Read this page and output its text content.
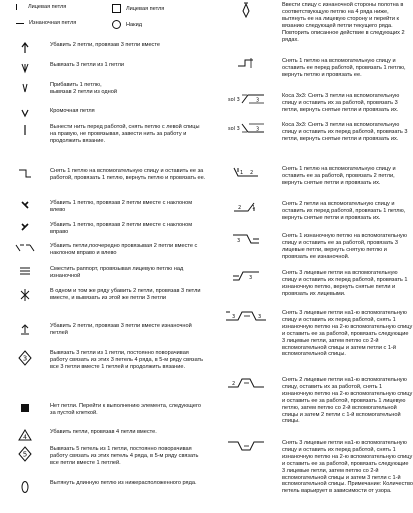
Лицевая петля	Лицевая петля
Изнаночная петля	Накид
Убавить 2 петли, провязав 3 петли вместе
Вывязать 3 петли из 1 петли
Прибавить 1 петлю,
вывязав 2 петли из одной
Кромочная петля
Вынести нить перед работой, снять петлю с левой спицы на правую, не провязывая, завести нить за работу и продолжить вязание.
Снять 1 петлю на вспомогательную спицу и оставить ее за работой, провязать 1 петлю, вернуть петлю и провязать ее.
Убавить 1 петлю, провязав 2 петли вместе с наклоном влево
Убавить 1 петлю, провязав 2 петли вместе с наклоном вправо
Убавить петли,поочередно провязывая 2 петли вместе с наклоном вправо и влево
Сместить раппорт, провязывая лицевую петлю над изнаночной
В одном и том же ряду убавить 2 петли, провязав 3 петли вместе, и вывязать из этой же петли 3 петли
Убавить 2 петли, провязав 3 петли вместе изнаночной петлей
3
Вывязать 3 петли из 1 петли, постоянно поворачивая работу связать из этих 3 петель 4 ряда, в 5-м ряду связать все 3 петли вместе 1 петлей и продолжить вязание.
Нет петли. Перейти к выполнению элемента, следующего за пустой клеткой.
4
Убавить петли, провязав 4 петли вместе.
5
Вывязать 5 петель из 1 петли, постоянно поворачивая работу связать из этих петель 4 ряда, в 5-м ряду связать все петли вместе 1 петлей.
Вытянуть длинную петлю из нижерасположенного ряда.
Ввести спицу с изнаночной стороны полотна в соответствующую петлю на 4 ряда ниже, вытянуть ее на лицевую сторону и перейти к вязанию следующей петли текущего ряда. Повторить описанное действие в следующих 2 рядах.
Снять 1 петлю на вспомогательную спицу и оставить ее перед работой, провязать 1 петлю, вернуть петлю и провязать ее.
sol 3	3
Коса 3х3: Снять 3 петли на вспомогательную спицу и оставить их за работой, провязать 3 петли, вернуть снятые петли и провязать их.
sol 3	3
Коса 3х3: Снять 3 петли на вспомогательную спицу и оставить их перед работой, провязать 3 петли, вернуть снятые петли и провязать их.
1 2
Снять 1 петлю на вспомогательную спицу и оставить ее за работой, провязать 2 петли, вернуть снятые петли и провязать их.
2 1
Снять 2 петли на вспомогательную спицу и оставить их перед работой, провязать 1 петлю, вернуть снятые петли и провязать их.
3
Снять 1 изнаночную петлю на вспомогательную спицу и оставить ее за работой, провязать 3 лицевые петли, вернуть снятую петлю и провязать ее изнаночной.
3
Снять 3 лицевые петли на вспомогательную спицу и оставить их перед работой, провязать 1 изнаночную петлю, вернуть снятые петли и провязать их лицевыми.
3	3
Снять 3 лицевые петли на1-ю вспомогательную спицу и оставить их перед работой, снять 1 изнаночную петлю на 2-ю вспомогательную спицу и оставить ее за работой, провязать следующие 3 лицевые петли, затем петлю со 2-й вспомогательной спицы и затем петли с 1-й вспомогательной спицы.
2
Снять 2 лицевые петли на1-ю вспомогательную спицу, оставить их за работой, снять 1 изнаночную петлю на 2-ю вспомогательную спицу и оставить ее за работой, провязать 1 лицевую петлю, затем петлю со 2-й вспомогательной спицы и затем 2 петли с 1-й вспомогательной спицы.
Снять 3 лицевые петли на1-ю вспомогательную спицу и оставить их перед работой, снять 1 изнаночную петлю на 2-ю вспомогательную спицу и оставить ее за работой, провязать следующие 3 лицевые петли, затем петлю со 2-й вспомогательной спицы и затем 3 петли с 1-й вспомогательной спицы. Примечание: Количество петель варьирует в зависимости от узора.
